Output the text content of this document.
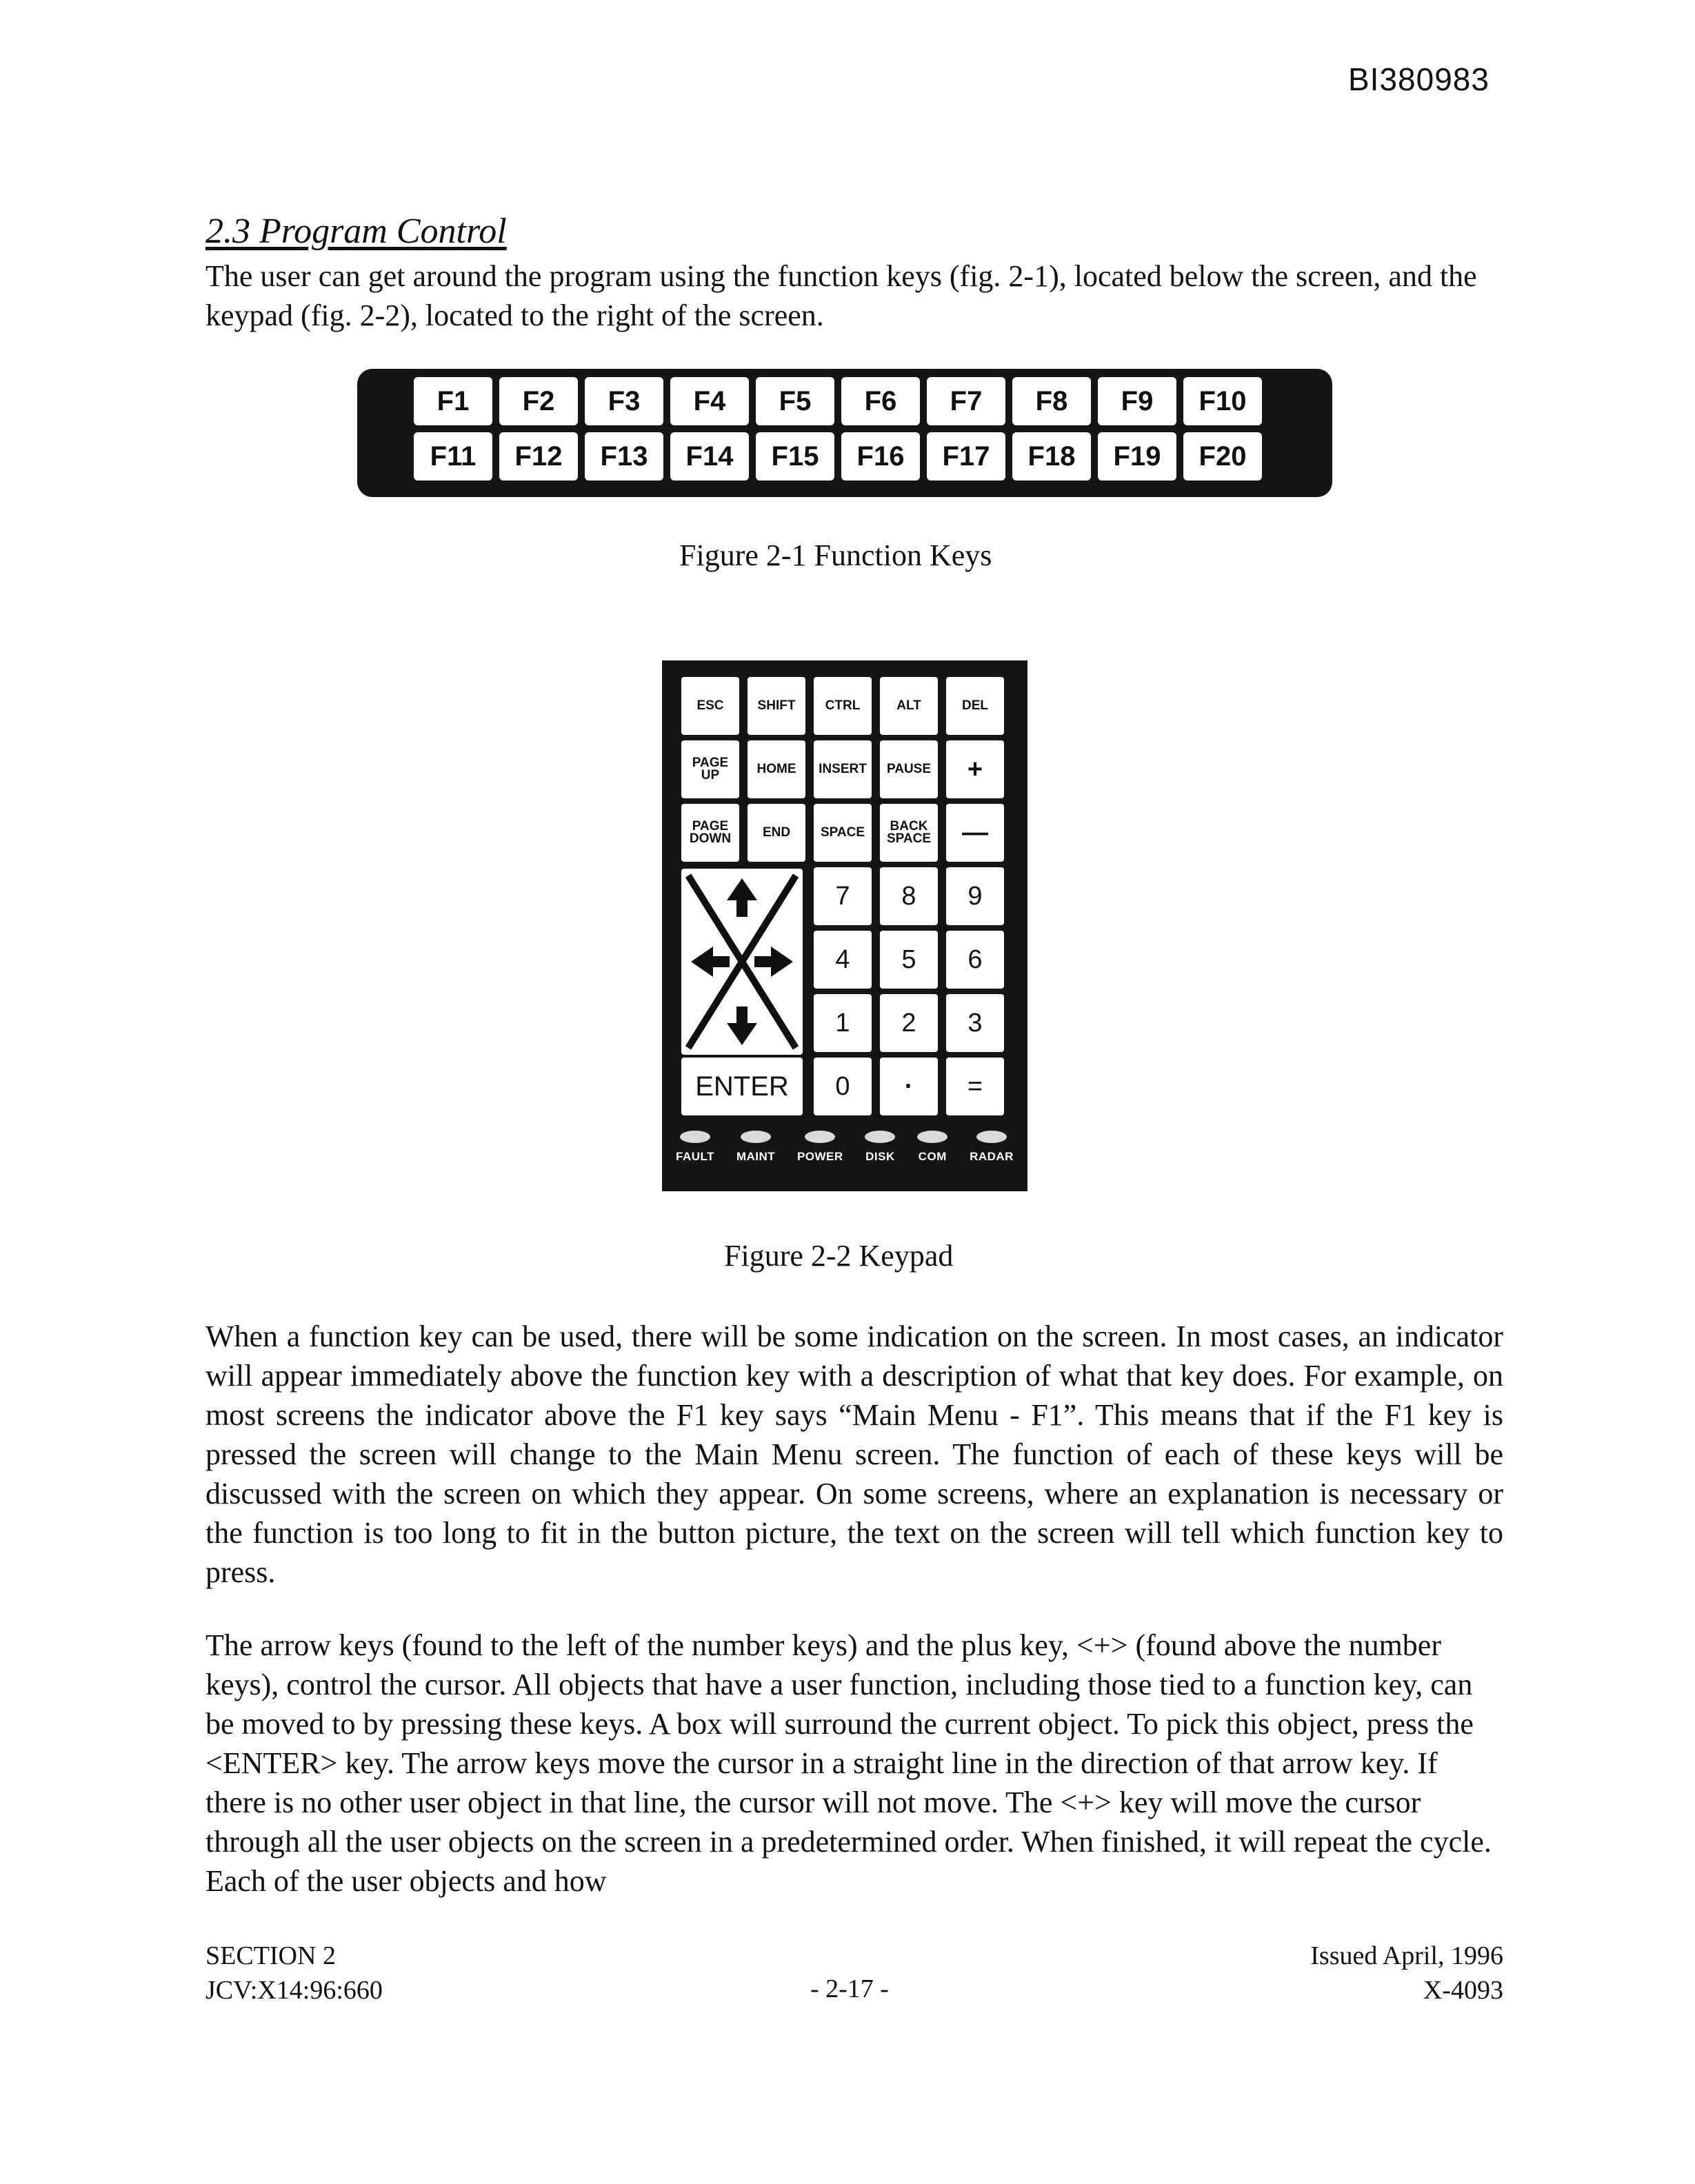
BI380983
2.3 Program Control

The user can get around the program using the function keys (fig. 2-1), located below the screen, and the keypad (fig. 2-2), located to the right of the screen.

F1	F2	F3	F4	F5	F6	F7	F8	F9	F10
F11	F12	F13	F14	F15	F16	F17	F18	F19	F20

Figure 2-1 Function Keys

ESC	SHIFT	CTRL	ALT	DEL
PAGE UP	HOME	INSERT	PAUSE	+
PAGE DOWN	END	SPACE	BACK SPACE	—
7	8	9
4	5	6
1	2	3
ENTER	0	·	=
FAULT MAINT POWER DISK COM RADAR

Figure 2-2 Keypad

When a function key can be used, there will be some indication on the screen. In most cases, an indicator will appear immediately above the function key with a description of what that key does. For example, on most screens the indicator above the F1 key says “Main Menu - F1”. This means that if the F1 key is pressed the screen will change to the Main Menu screen. The function of each of these keys will be discussed with the screen on which they appear. On some screens, where an explanation is necessary or the function is too long to fit in the button picture, the text on the screen will tell which function key to press.

The arrow keys (found to the left of the number keys) and the plus key, <+> (found above the number keys), control the cursor. All objects that have a user function, including those tied to a function key, can be moved to by pressing these keys. A box will surround the current object. To pick this object, press the <ENTER> key. The arrow keys move the cursor in a straight line in the direction of that arrow key. If there is no other user object in that line, the cursor will not move. The <+> key will move the cursor through all the user objects on the screen in a predetermined order. When finished, it will repeat the cycle. Each of the user objects and how

SECTION 2
JCV:X14:96:660	- 2-17 -
Issued April, 1996
X-4093
